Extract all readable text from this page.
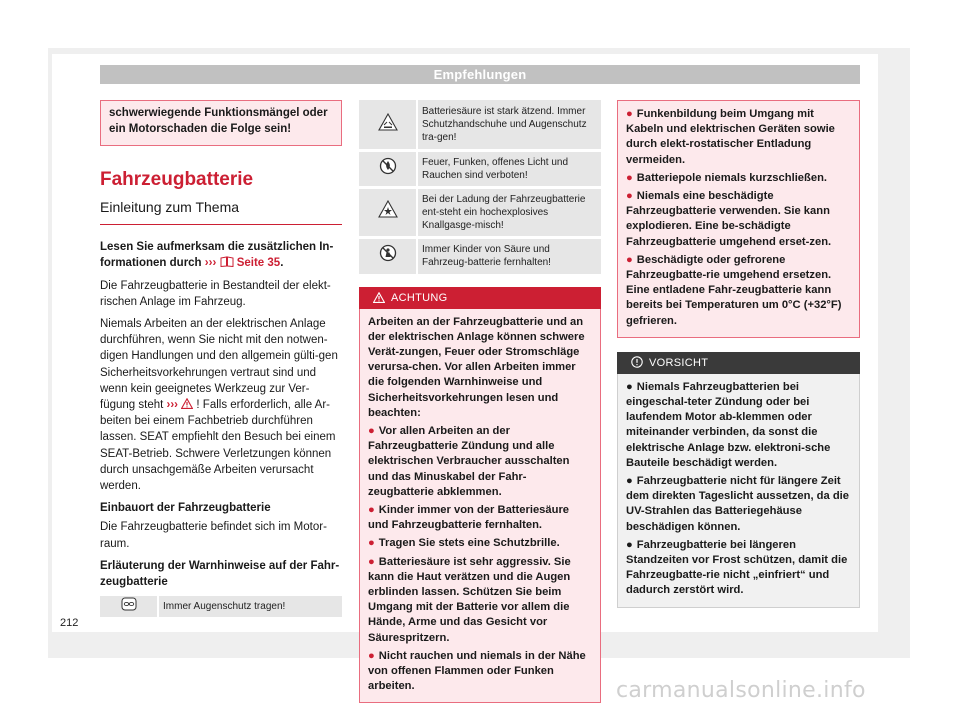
Empfehlungen
schwerwiegende Funktionsmängel oder ein Motorschaden die Folge sein!
Fahrzeugbatterie
Einleitung zum Thema
Lesen Sie aufmerksam die zusätzlichen In-formationen durch ››› Seite 35.
Die Fahrzeugbatterie in Bestandteil der elekt-rischen Anlage im Fahrzeug.
Niemals Arbeiten an der elektrischen Anlage durchführen, wenn Sie nicht mit den notwen-digen Handlungen und den allgemein gülti-gen Sicherheitsvorkehrungen vertraut sind und wenn kein geeignetes Werkzeug zur Ver-fügung steht ››› ! Falls erforderlich, alle Ar-beiten bei einem Fachbetrieb durchführen lassen. SEAT empfiehlt den Besuch bei einem SEAT-Betrieb. Schwere Verletzungen können durch unsachgemäße Arbeiten verursacht werden.
Einbauort der Fahrzeugbatterie
Die Fahrzeugbatterie befindet sich im Motor-raum.
Erläuterung der Warnhinweise auf der Fahr-zeugbatterie
	Immer Augenschutz tragen!
	Batteriesäure ist stark ätzend. Immer Schutzhandschuhe und Augenschutz tra-gen!
	Feuer, Funken, offenes Licht und Rauchen sind verboten!
	Bei der Ladung der Fahrzeugbatterie ent-steht ein hochexplosives Knallgasge-misch!
	Immer Kinder von Säure und Fahrzeug-batterie fernhalten!
ACHTUNG
Arbeiten an der Fahrzeugbatterie und an der elektrischen Anlage können schwere Verät-zungen, Feuer oder Stromschläge verursa-chen. Vor allen Arbeiten immer die folgenden Warnhinweise und Sicherheitsvorkehrungen lesen und beachten:
● Vor allen Arbeiten an der Fahrzeugbatterie Zündung und alle elektrischen Verbraucher ausschalten und das Minuskabel der Fahr-zeugbatterie abklemmen.
● Kinder immer von der Batteriesäure und Fahrzeugbatterie fernhalten.
● Tragen Sie stets eine Schutzbrille.
● Batteriesäure ist sehr aggressiv. Sie kann die Haut verätzen und die Augen erblinden lassen. Schützen Sie beim Umgang mit der Batterie vor allem die Hände, Arme und das Gesicht vor Säurespritzern.
● Nicht rauchen und niemals in der Nähe von offenen Flammen oder Funken arbeiten.
● Funkenbildung beim Umgang mit Kabeln und elektrischen Geräten sowie durch elekt-rostatischer Entladung vermeiden.
● Batteriepole niemals kurzschließen.
● Niemals eine beschädigte Fahrzeugbatterie verwenden. Sie kann explodieren. Eine be-schädigte Fahrzeugbatterie umgehend erset-zen.
● Beschädigte oder gefrorene Fahrzeugbatte-rie umgehend ersetzen. Eine entladene Fahr-zeugbatterie kann bereits bei Temperaturen um 0°C (+32°F) gefrieren.
VORSICHT
● Niemals Fahrzeugbatterien bei eingeschal-teter Zündung oder bei laufendem Motor ab-klemmen oder miteinander verbinden, da sonst die elektrische Anlage bzw. elektroni-sche Bauteile beschädigt werden.
● Fahrzeugbatterie nicht für längere Zeit dem direkten Tageslicht aussetzen, da die UV-Strahlen das Batteriegehäuse beschädigen können.
● Fahrzeugbatterie bei längeren Standzeiten vor Frost schützen, damit die Fahrzeugbatte-rie nicht „einfriert“ und dadurch zerstört wird.
212
carmanualsonline.info
